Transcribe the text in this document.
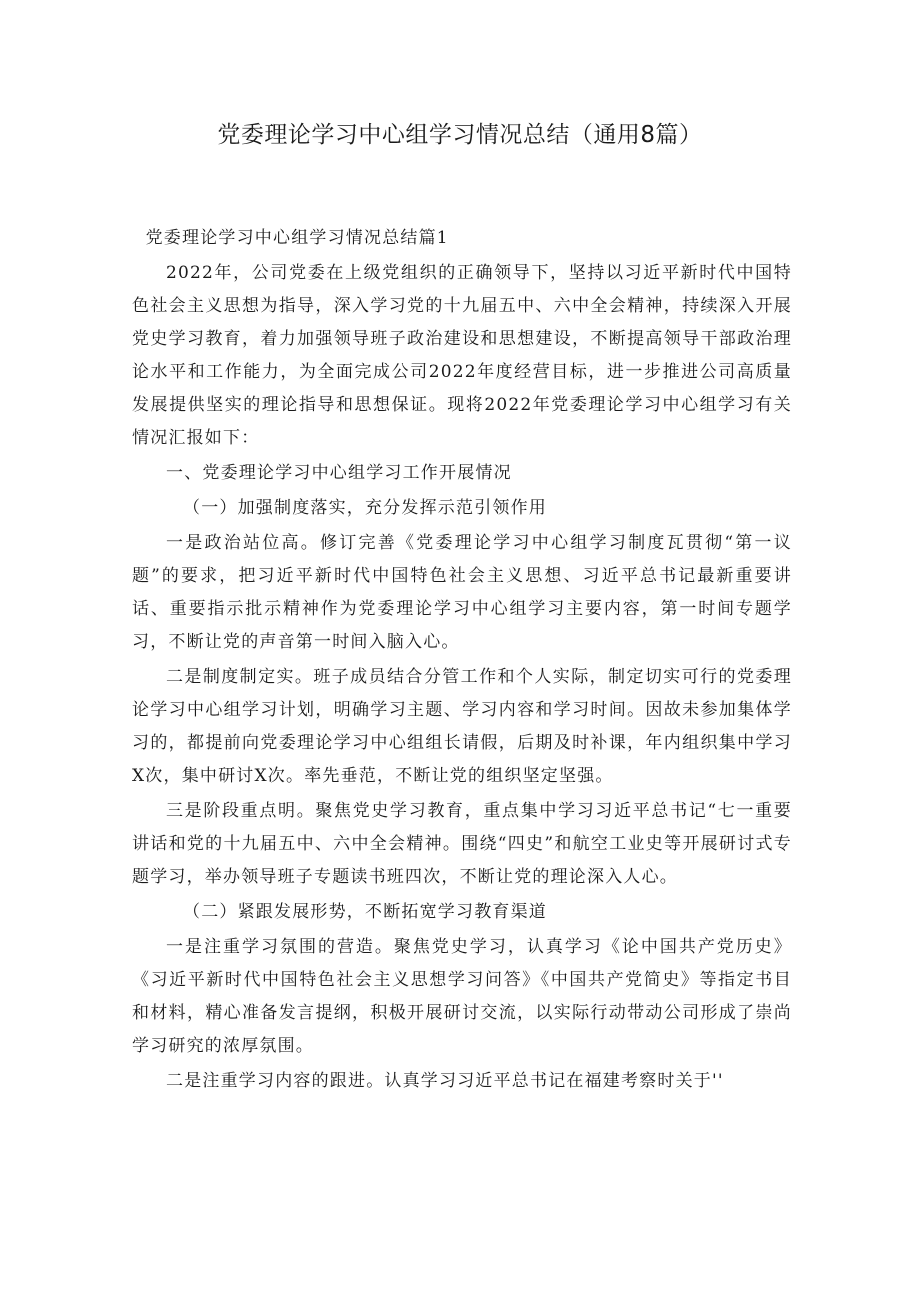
党委理论学习中心组学习情况总结（通用8篇）

党委理论学习中心组学习情况总结篇1

2022年，公司党委在上级党组织的正确领导下，坚持以习近平新时代中国特色社会主义思想为指导，深入学习党的十九届五中、六中全会精神，持续深入开展党史学习教育，着力加强领导班子政治建设和思想建设，不断提高领导干部政治理论水平和工作能力，为全面完成公司2022年度经营目标，进一步推进公司高质量发展提供坚实的理论指导和思想保证。现将2022年党委理论学习中心组学习有关情况汇报如下：

一、党委理论学习中心组学习工作开展情况

（一）加强制度落实，充分发挥示范引领作用

一是政治站位高。修订完善《党委理论学习中心组学习制度瓦贯彻“第一议题”的要求，把习近平新时代中国特色社会主义思想、习近平总书记最新重要讲话、重要指示批示精神作为党委理论学习中心组学习主要内容，第一时间专题学习，不断让党的声音第一时间入脑入心。

二是制度制定实。班子成员结合分管工作和个人实际，制定切实可行的党委理论学习中心组学习计划，明确学习主题、学习内容和学习时间。因故未参加集体学习的，都提前向党委理论学习中心组组长请假，后期及时补课，年内组织集中学习X次，集中研讨X次。率先垂范，不断让党的组织坚定坚强。

三是阶段重点明。聚焦党史学习教育，重点集中学习习近平总书记“七一重要讲话和党的十九届五中、六中全会精神。围绕“四史”和航空工业史等开展研讨式专题学习，举办领导班子专题读书班四次，不断让党的理论深入人心。

（二）紧跟发展形势，不断拓宽学习教育渠道

一是注重学习氛围的营造。聚焦党史学习，认真学习《论中国共产党历史》《习近平新时代中国特色社会主义思想学习问答》《中国共产党简史》等指定书目和材料，精心准备发言提纲，积极开展研讨交流，以实际行动带动公司形成了崇尚学习研究的浓厚氛围。

二是注重学习内容的跟进。认真学习习近平总书记在福建考察时关于''
